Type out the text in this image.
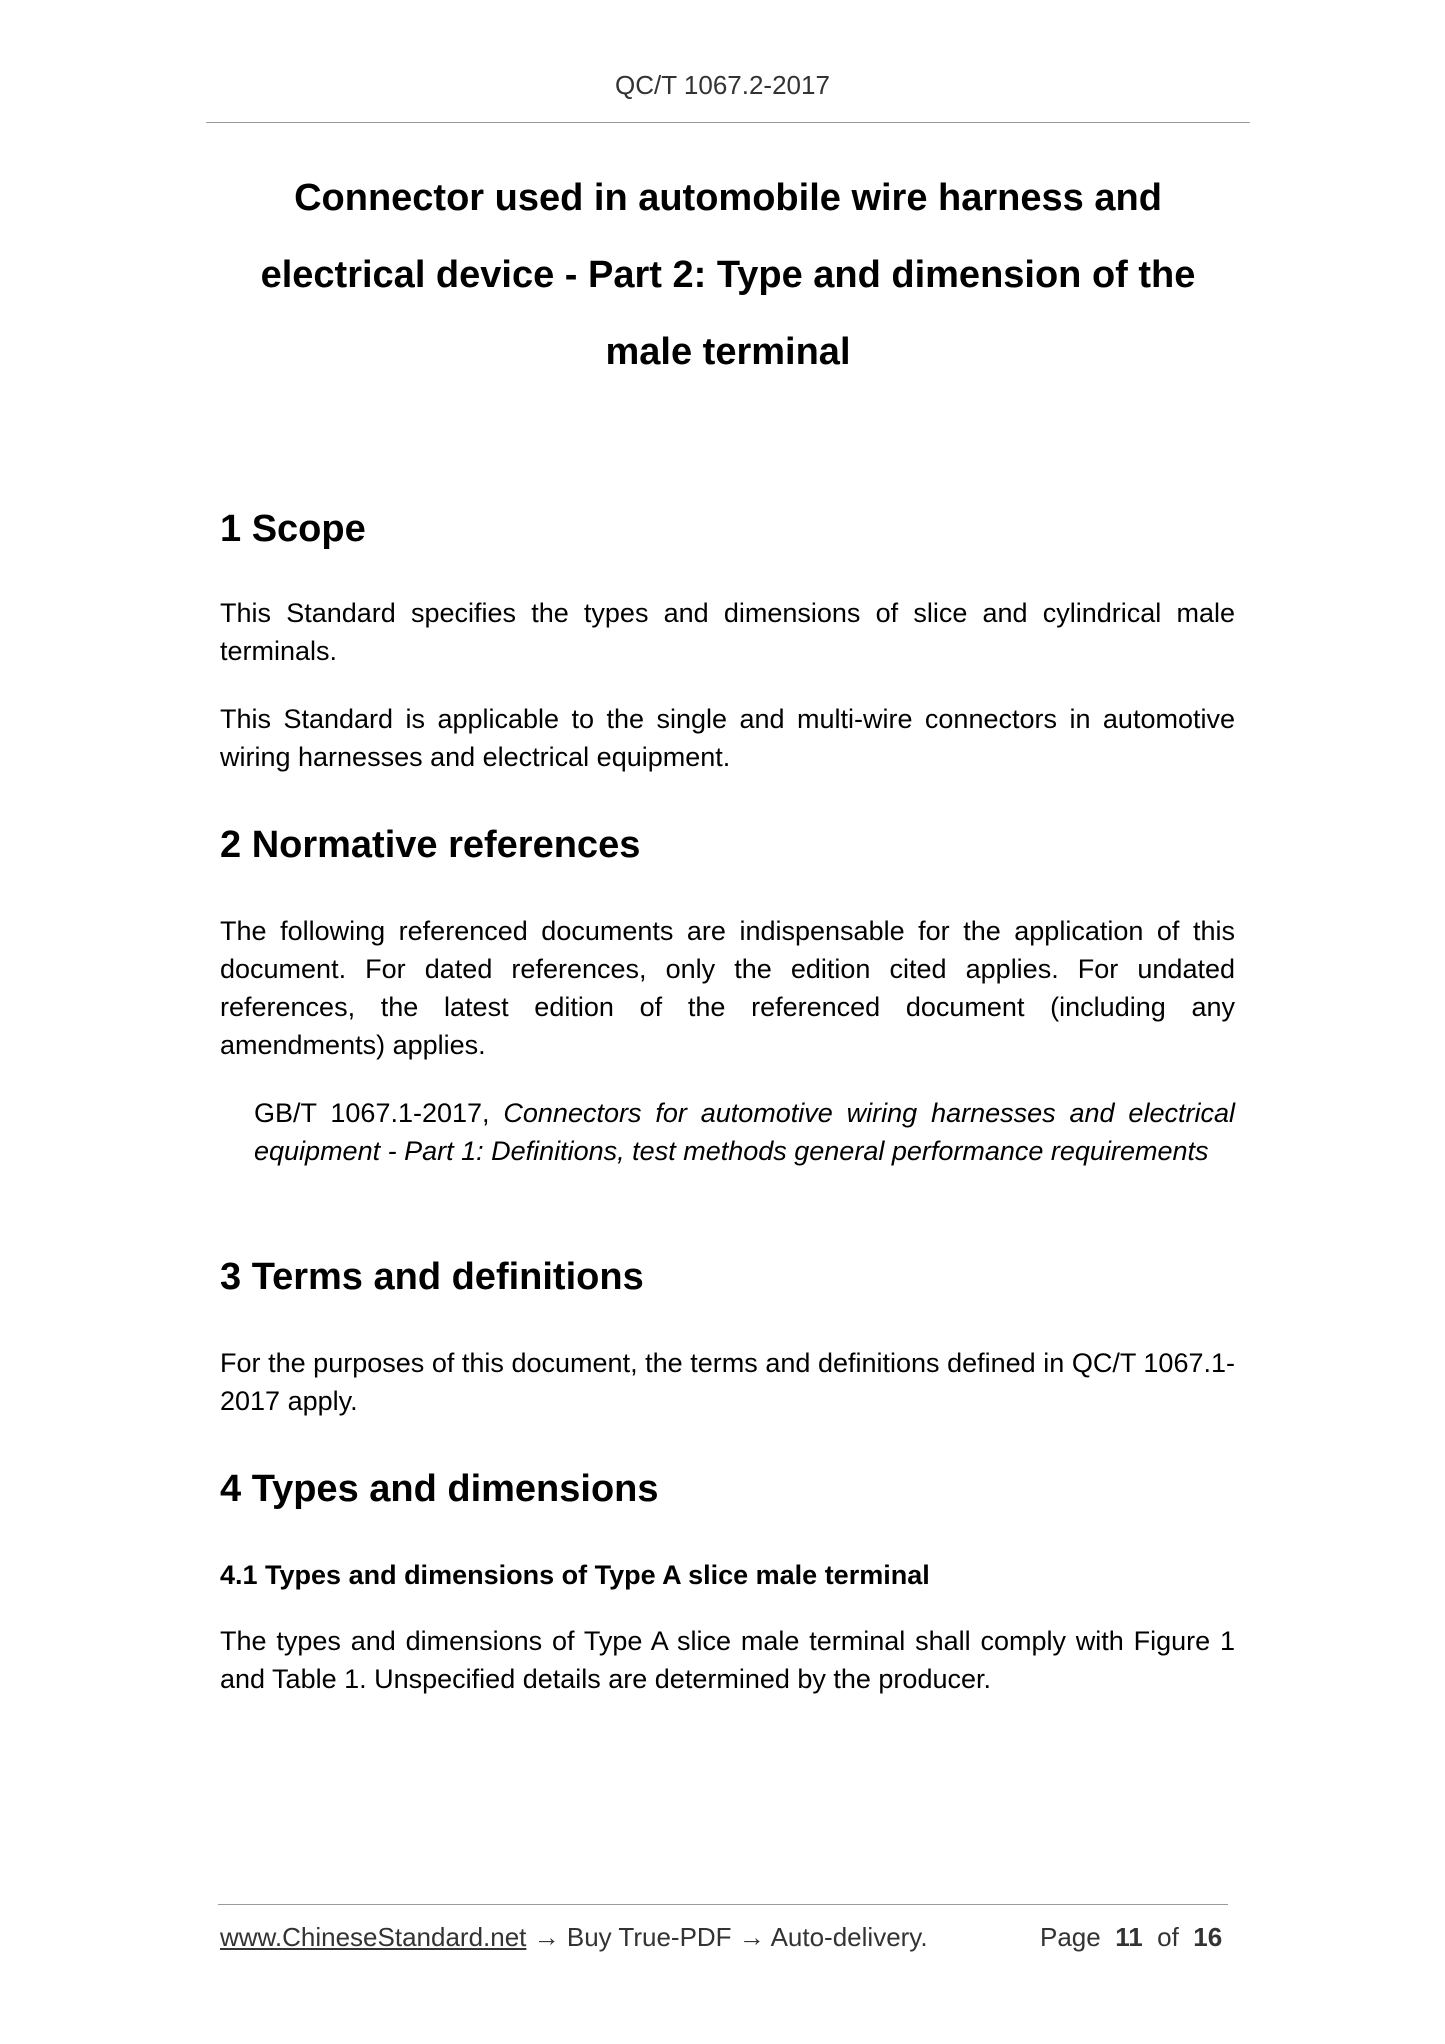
QC/T 1067.2-2017
Connector used in automobile wire harness and
electrical device - Part 2: Type and dimension of the
male terminal
1 Scope

This Standard specifies the types and dimensions of slice and cylindrical male terminals.

This Standard is applicable to the single and multi-wire connectors in automotive wiring harnesses and electrical equipment.

2 Normative references

The following referenced documents are indispensable for the application of this document. For dated references, only the edition cited applies. For undated references, the latest edition of the referenced document (including any amendments) applies.

GB/T 1067.1-2017, Connectors for automotive wiring harnesses and electrical equipment - Part 1: Definitions, test methods general performance requirements

3 Terms and definitions

For the purposes of this document, the terms and definitions defined in QC/T 1067.1-2017 apply.

4 Types and dimensions
4.1 Types and dimensions of Type A slice male terminal

The types and dimensions of Type A slice male terminal shall comply with Figure 1 and Table 1. Unspecified details are determined by the producer.

www.ChineseStandard.net → Buy True-PDF → Auto-delivery.	Page 11 of 16
